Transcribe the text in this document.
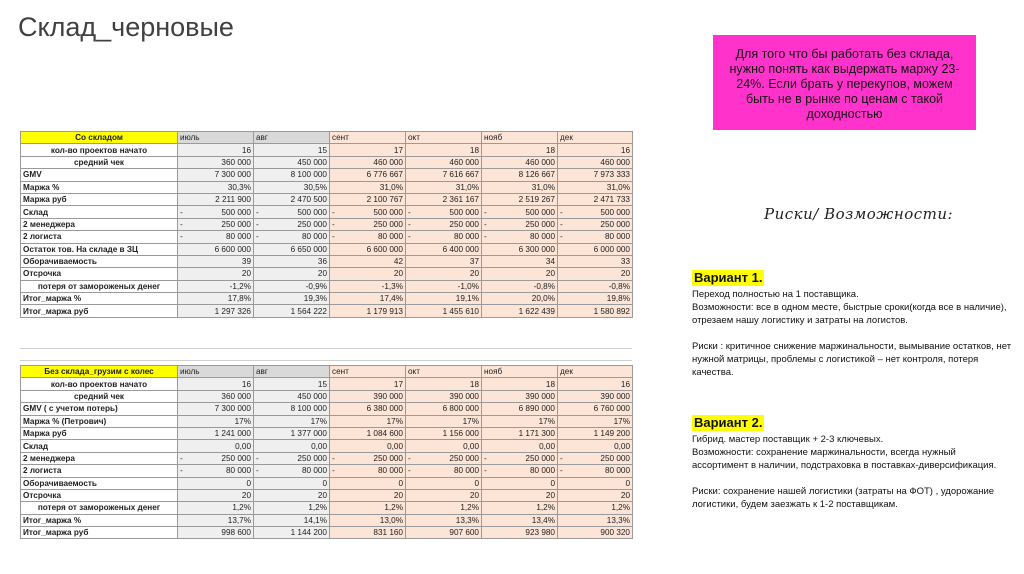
Склад_черновые
Для того что бы работать без склада, нужно понять как выдержать маржу 23-24%. Если брать у перекупов, можем быть не в рынке по ценам с такой доходностью
Риски/ Возможности:
Вариант 1.

Переход полностью на 1 поставщика.

Возможности: все в одном месте, быстрые сроки(когда все в наличие), отрезаем нашу логистику и затраты на логистов.

Риски : критичное снижение маржинальности, вымывание остатков, нет нужной матрицы, проблемы с логистикой – нет контроля, потеря качества.

Вариант 2.

Гибрид. мастер поставщик + 2-3 ключевых.

Возможности: сохранение маржинальности, всегда нужный ассортимент в наличии, подстраховка в поставках-диверсификация.

Риски: сохранение нашей логистики (затраты на ФОТ) , удорожание логистики, будем заезжать к 1-2 поставщикам.

Со складом	июль	авг	сент	окт	нояб	дек
кол-во проектов начато	16	15	17	18	18	16
средний чек	360 000	450 000	460 000	460 000	460 000	460 000
GMV	7 300 000	8 100 000	6 776 667	7 616 667	8 126 667	7 973 333
Маржа %	30,3%	30,5%	31,0%	31,0%	31,0%	31,0%
Маржа руб	2 211 900	2 470 500	2 100 767	2 361 167	2 519 267	2 471 733
Склад	- 500 000	- 500 000	- 500 000	- 500 000	- 500 000	- 500 000
2 менеджера	- 250 000	- 250 000	- 250 000	- 250 000	- 250 000	- 250 000
2 логиста	- 80 000	- 80 000	- 80 000	- 80 000	- 80 000	- 80 000
Остаток тов. На складе в ЗЦ	6 600 000	6 650 000	6 600 000	6 400 000	6 300 000	6 000 000
Оборачиваемость	39	36	42	37	34	33
Отсрочка	20	20	20	20	20	20
потеря от замороженых денег	-1,2%	-0,9%	-1,3%	-1,0%	-0,8%	-0,8%
Итог_маржа %	17,8%	19,3%	17,4%	19,1%	20,0%	19,8%
Итог_маржа руб	1 297 326	1 564 222	1 179 913	1 455 610	1 622 439	1 580 892
Без склада_грузим с колес	июль	авг	сент	окт	нояб	дек
кол-во проектов начато	16	15	17	18	18	16
средний чек	360 000	450 000	390 000	390 000	390 000	390 000
GMV ( с учетом потерь)	7 300 000	8 100 000	6 380 000	6 800 000	6 890 000	6 760 000
Маржа % (Петрович)	17%	17%	17%	17%	17%	17%
Маржа руб	1 241 000	1 377 000	1 084 600	1 156 000	1 171 300	1 149 200
Склад	0,00	0,00	0,00	0,00	0,00	0,00
2 менеджера	- 250 000	- 250 000	- 250 000	- 250 000	- 250 000	- 250 000
2 логиста	- 80 000	- 80 000	- 80 000	- 80 000	- 80 000	- 80 000
Оборачиваемость	0	0	0	0	0	0
Отсрочка	20	20	20	20	20	20
потеря от замороженых денег	1,2%	1,2%	1,2%	1,2%	1,2%	1,2%
Итог_маржа %	13,7%	14,1%	13,0%	13,3%	13,4%	13,3%
Итог_маржа руб	998 600	1 144 200	831 160	907 600	923 980	900 320
